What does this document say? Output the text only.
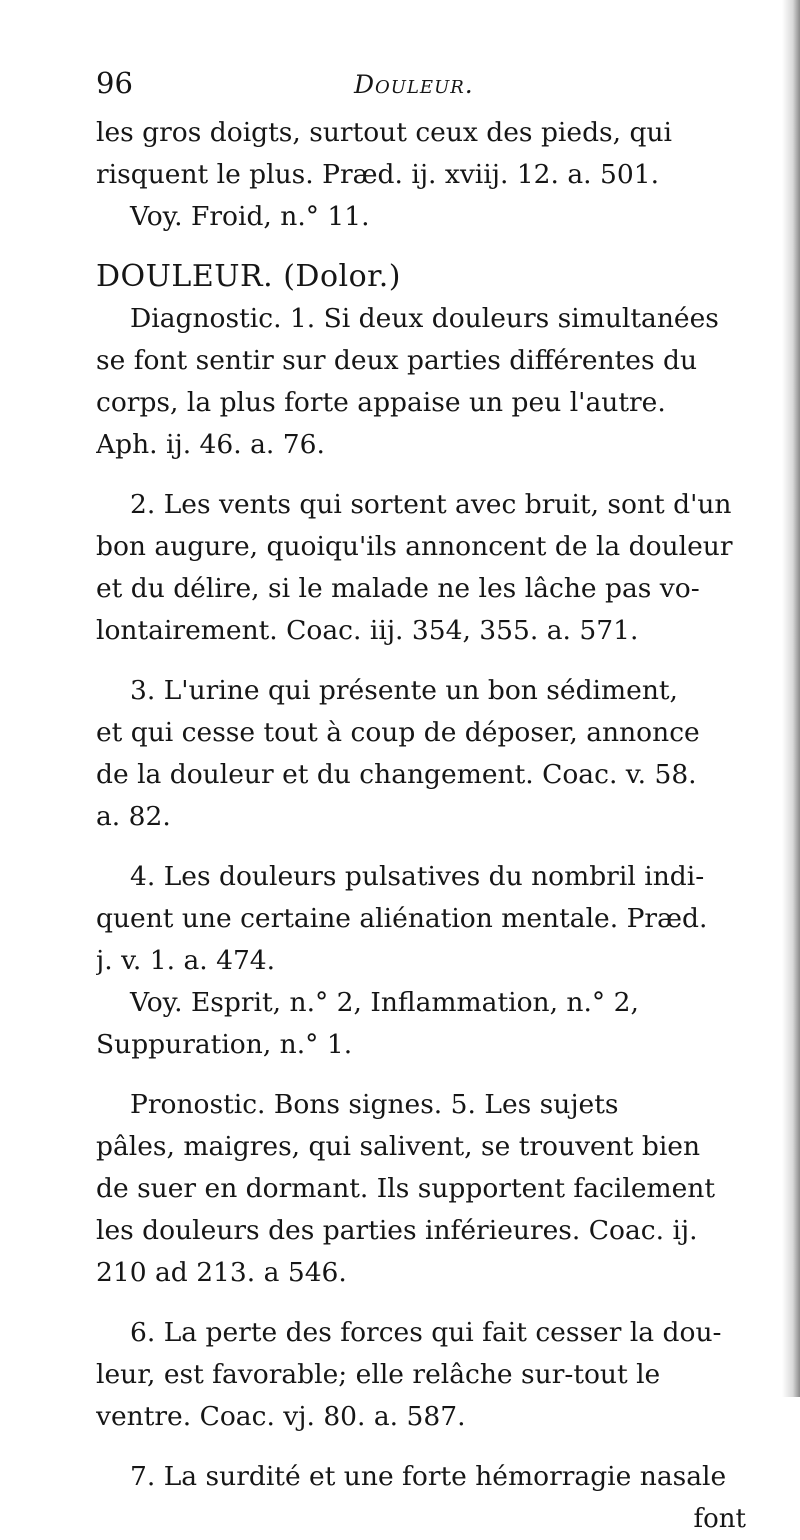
96	Douleur.
les gros doigts, surtout ceux des pieds, qui
risquent le plus. Præd. ij. xviij. 12. a. 501.
Voy. Froid, n.° 11.
DOULEUR. (Dolor.)
Diagnostic. 1. Si deux douleurs simultanées
se font sentir sur deux parties différentes du
corps, la plus forte appaise un peu l'autre.
Aph. ij. 46. a. 76.
2. Les vents qui sortent avec bruit, sont d'un
bon augure, quoiqu'ils annoncent de la douleur
et du délire, si le malade ne les lâche pas vo-
lontairement. Coac. iij. 354, 355. a. 571.
3. L'urine qui présente un bon sédiment,
et qui cesse tout à coup de déposer, annonce
de la douleur et du changement. Coac. v. 58.
a. 82.
4. Les douleurs pulsatives du nombril indi-
quent une certaine aliénation mentale. Præd.
j. v. 1. a. 474.
Voy. Esprit, n.° 2, Inflammation, n.° 2,
Suppuration, n.° 1.
Pronostic. Bons signes. 5. Les sujets
pâles, maigres, qui salivent, se trouvent bien
de suer en dormant. Ils supportent facilement
les douleurs des parties inférieures. Coac. ij.
210 ad 213. a 546.
6. La perte des forces qui fait cesser la dou-
leur, est favorable; elle relâche sur-tout le
ventre. Coac. vj. 80. a. 587.
7. La surdité et une forte hémorragie nasale
font
